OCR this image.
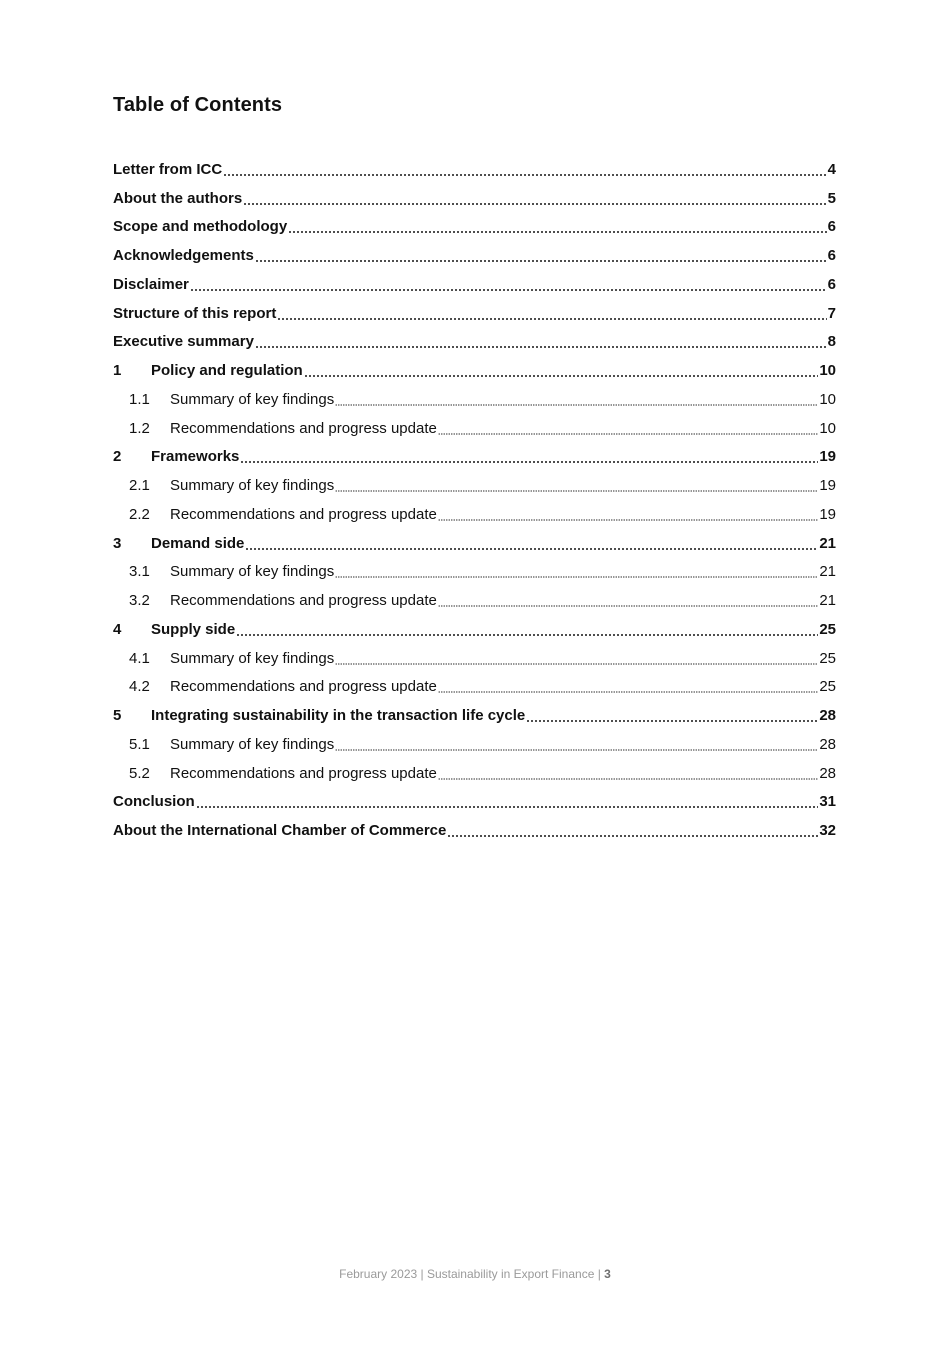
Table of Contents
Letter from ICC	4
About the authors	5
Scope and methodology	6
Acknowledgements	6
Disclaimer	6
Structure of this report	7
Executive summary	8
1	Policy and regulation	10
1.1	Summary of key findings	10
1.2	Recommendations and progress update	10
2	Frameworks	19
2.1	Summary of key findings	19
2.2	Recommendations and progress update	19
3	Demand side	21
3.1	Summary of key findings	21
3.2	Recommendations and progress update	21
4	Supply side	25
4.1	Summary of key findings	25
4.2	Recommendations and progress update	25
5	Integrating sustainability in the transaction life cycle	28
5.1	Summary of key findings	28
5.2	Recommendations and progress update	28
Conclusion	31
About the International Chamber of Commerce	32
February 2023 | Sustainability in Export Finance | 3
